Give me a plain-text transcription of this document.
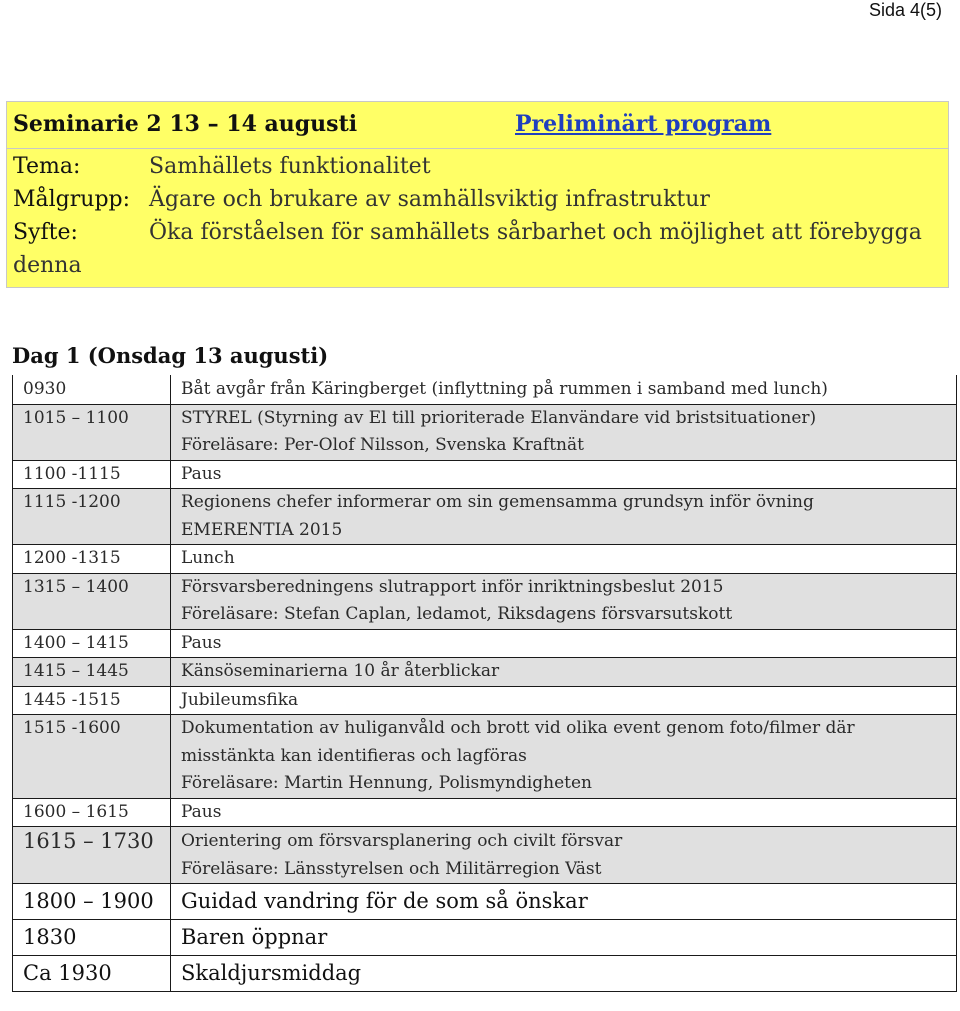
Sida 4(5)
Seminarie 2 13 – 14 augusti	Preliminärt program
Tema:	Samhällets funktionalitet
Målgrupp: Ägare och brukare av samhällsviktig infrastruktur
Syfte:	Öka förståelsen för samhällets sårbarhet och möjlighet att förebygga
denna
Dag 1 (Onsdag 13 augusti)
0930	Båt avgår från Käringberget (inflyttning på rummen i samband med lunch)

1015 – 1100	STYREL (Styrning av El till prioriterade Elanvändare vid bristsituationer)
Föreläsare: Per-Olof Nilsson, Svenska Kraftnät

1100 -1115	Paus

1115 -1200	Regionens chefer informerar om sin gemensamma grundsyn inför övning
EMERENTIA 2015

1200 -1315	Lunch

1315 – 1400	Försvarsberedningens slutrapport inför inriktningsbeslut 2015
Föreläsare: Stefan Caplan, ledamot, Riksdagens försvarsutskott

1400 – 1415	Paus

1415 – 1445	Känsöseminarierna 10 år återblickar

1445 -1515	Jubileumsfika

1515 -1600	Dokumentation av huliganvåld och brott vid olika event genom foto/filmer där
misstänkta kan identifieras och lagföras
Föreläsare: Martin Hennung, Polismyndigheten

1600 – 1615	Paus

1615 – 1730	Orientering om försvarsplanering och civilt försvar
Föreläsare: Länsstyrelsen och Militärregion Väst

1800 – 1900	Guidad vandring för de som så önskar

1830	Baren öppnar

Ca 1930	Skaldjursmiddag
